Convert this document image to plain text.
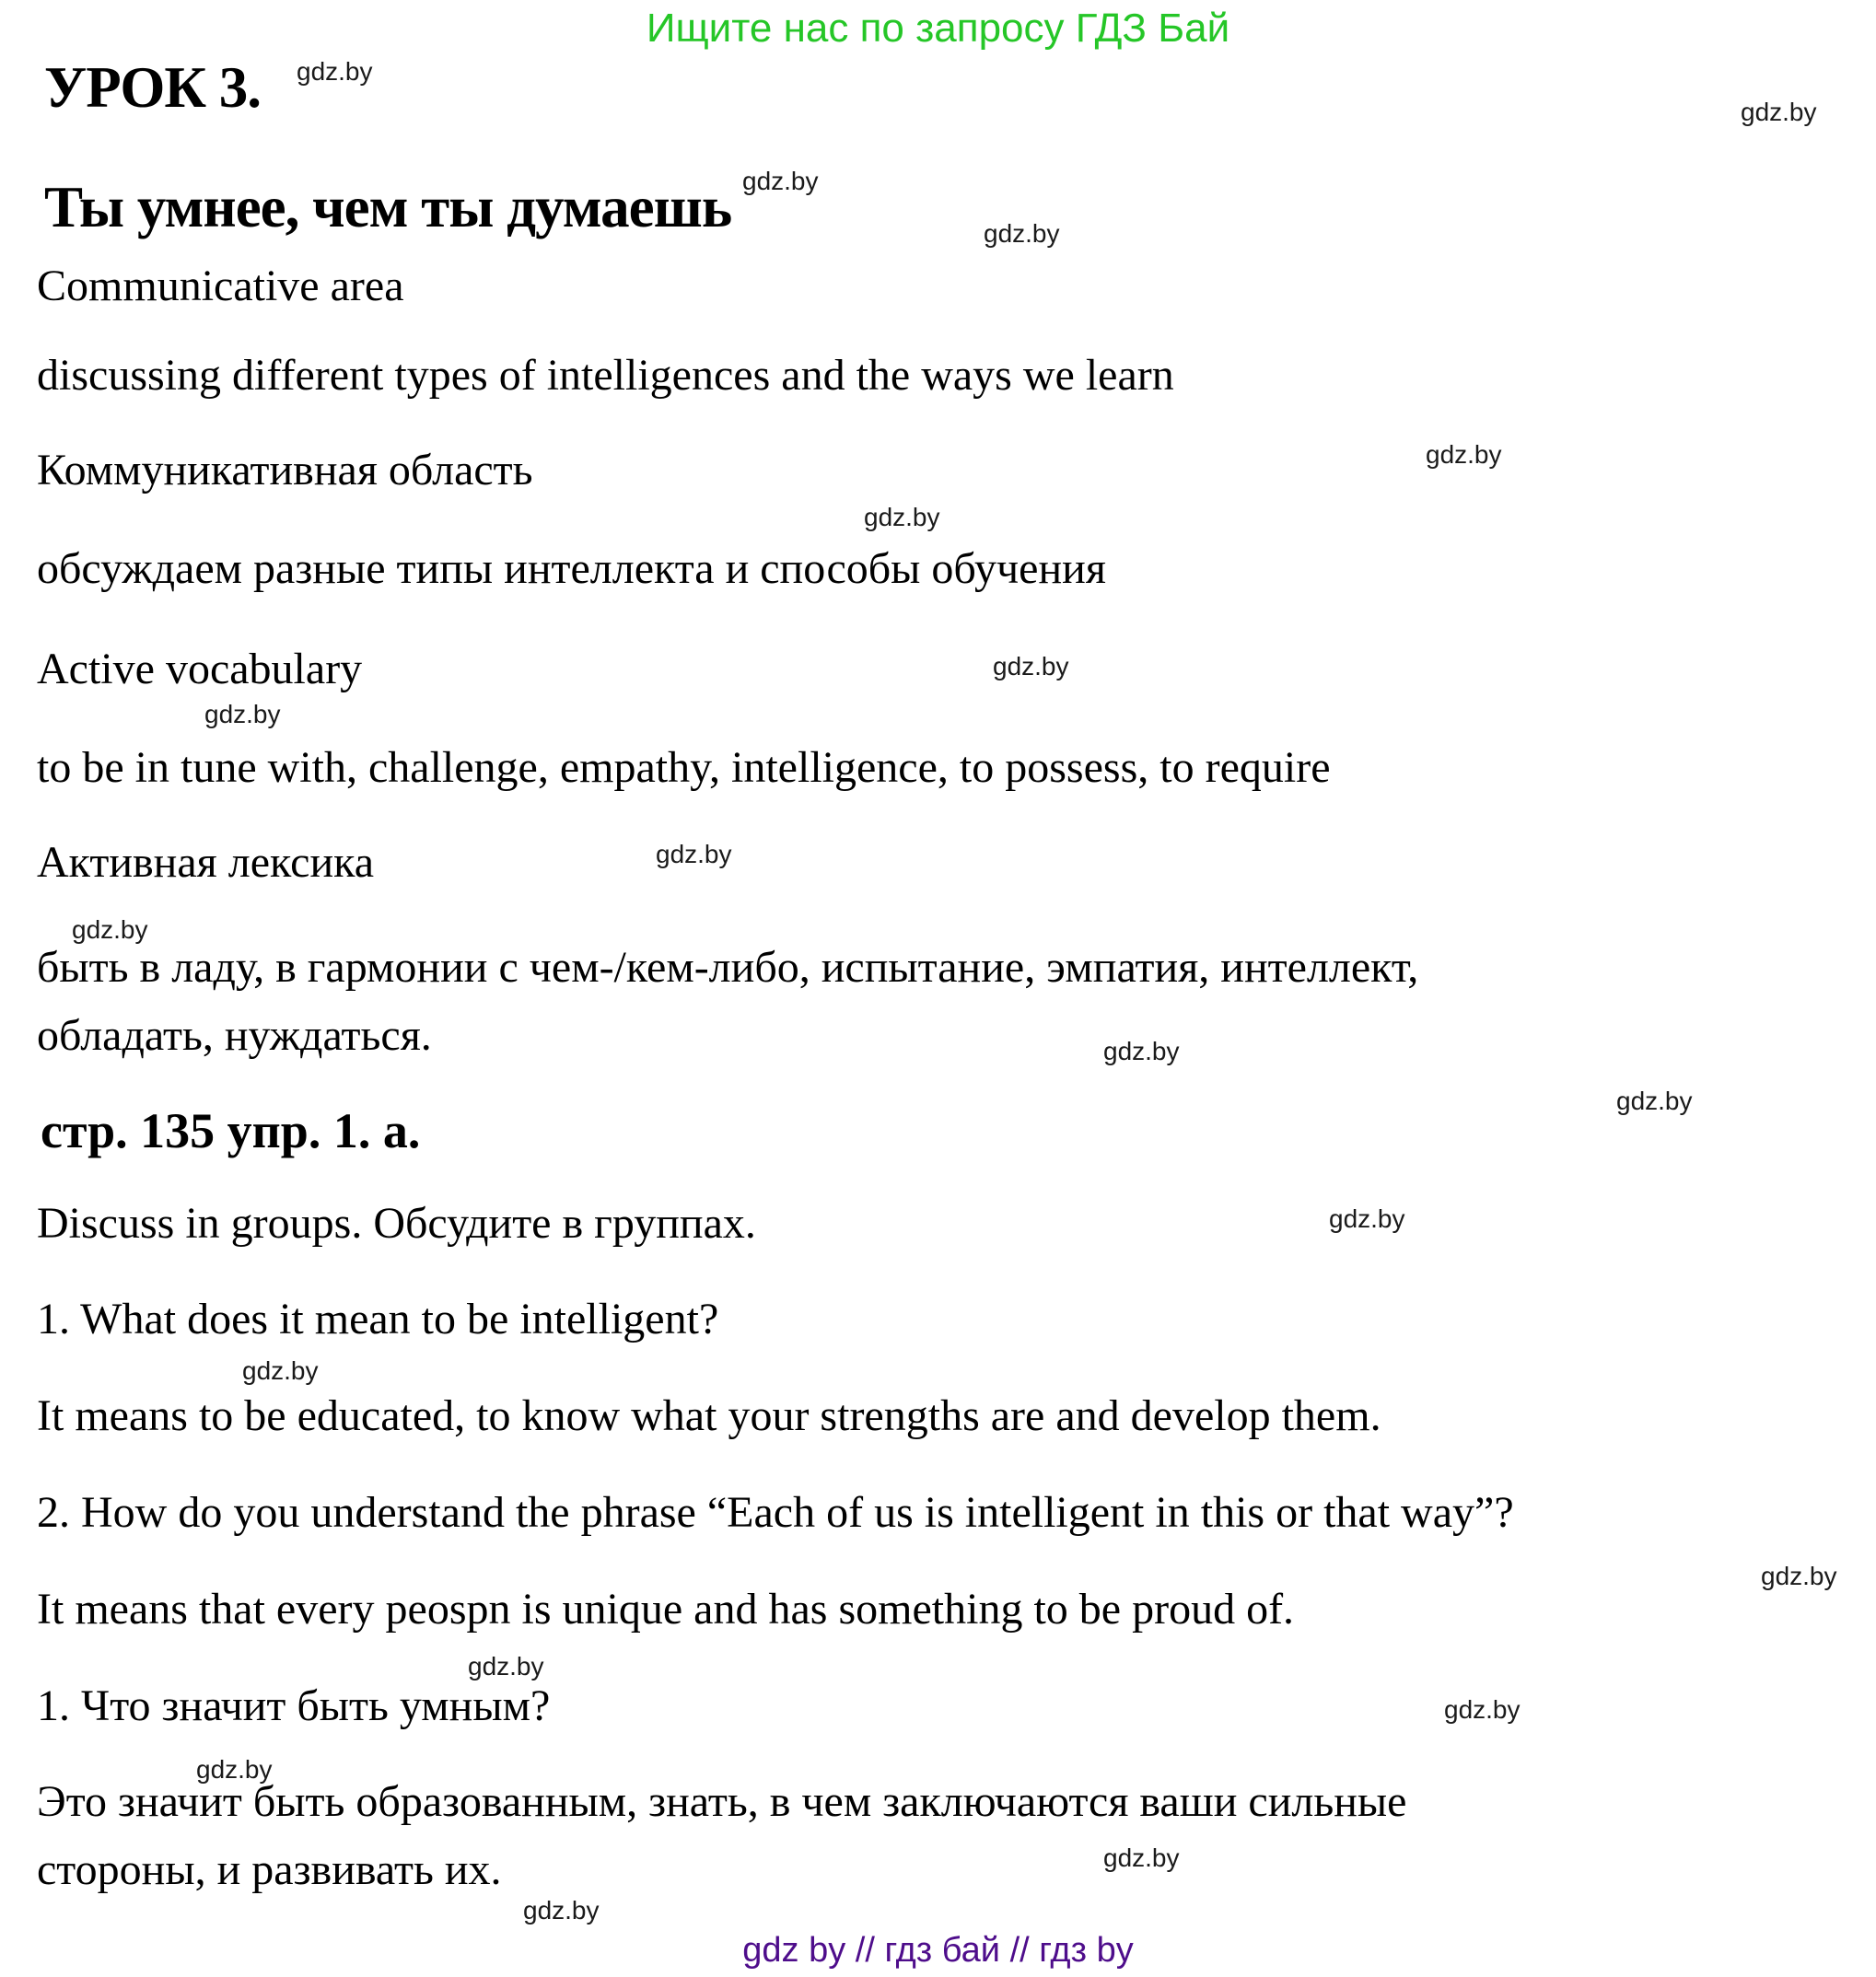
Ищите нас по запросу ГДЗ Бай
УРОК 3.
Ты умнее, чем ты думаешь
Communicative area
discussing different types of intelligences and the ways we learn
Коммуникативная область
обсуждаем разные типы интеллекта и способы обучения
Active vocabulary
to be in tune with, challenge, empathy, intelligence, to possess, to require
Активная лексика
быть в ладу, в гармонии с чем-/кем-либо, испытание, эмпатия, интеллект,
обладать, нуждаться.
стр. 135 упр. 1. а.
Discuss in groups. Обсудите в группах.
1. What does it mean to be intelligent?
It means to be educated, to know what your strengths are and develop them.
2. How do you understand the phrase “Each of us is intelligent in this or that way”?
It means that every peospn is unique and has something to be proud of.
1. Что значит быть умным?
Это значит быть образованным, знать, в чем заключаются ваши сильные
стороны, и развивать их.
gdz.by
gdz.by
gdz.by
gdz.by
gdz.by
gdz.by
gdz.by
gdz.by
gdz.by
gdz.by
gdz.by
gdz.by
gdz.by
gdz.by
gdz.by
gdz.by
gdz.by
gdz.by
gdz.by
gdz.by
gdz by // гдз бай // гдз by
